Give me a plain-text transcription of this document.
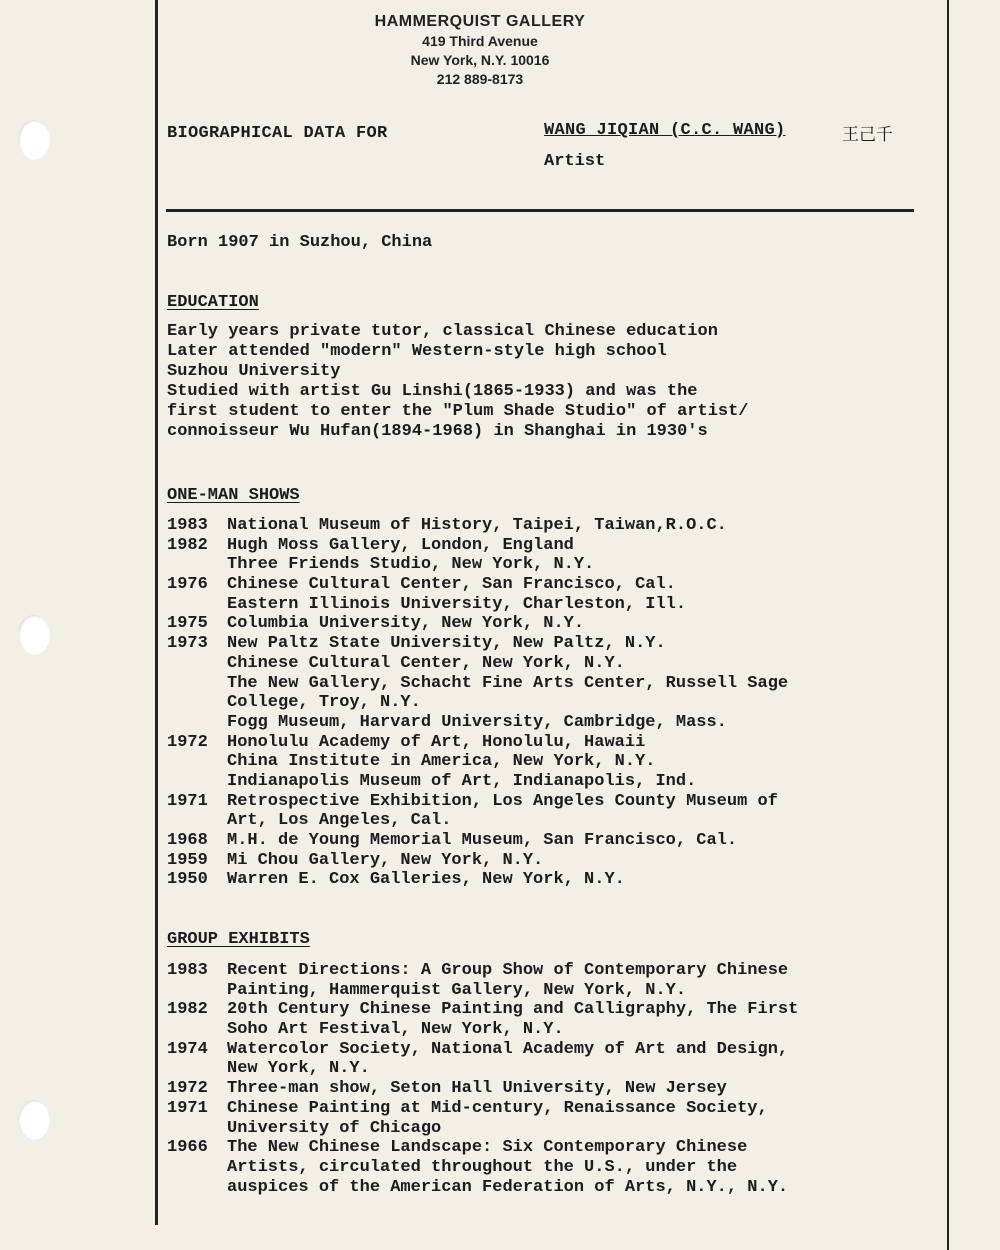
HAMMERQUIST GALLERY
419 Third Avenue
New York, N.Y. 10016
212 889-8173
BIOGRAPHICAL DATA FOR	WANG JIQIAN (C.C. WANG)	王己千
Artist
Born 1907 in Suzhou, China
EDUCATION
Early years private tutor, classical Chinese education
Later attended "modern" Western-style high school
Suzhou University
Studied with artist Gu Linshi(1865-1933) and was the
first student to enter the "Plum Shade Studio" of artist/
connoisseur Wu Hufan(1894-1968) in Shanghai in 1930's
ONE-MAN SHOWS
1983	National Museum of History, Taipei, Taiwan,R.O.C.
1982	Hugh Moss Gallery, London, England
Three Friends Studio, New York, N.Y.
1976	Chinese Cultural Center, San Francisco, Cal.
Eastern Illinois University, Charleston, Ill.
1975	Columbia University, New York, N.Y.
1973	New Paltz State University, New Paltz, N.Y.
Chinese Cultural Center, New York, N.Y.
The New Gallery, Schacht Fine Arts Center, Russell Sage
College, Troy, N.Y.
Fogg Museum, Harvard University, Cambridge, Mass.
1972	Honolulu Academy of Art, Honolulu, Hawaii
China Institute in America, New York, N.Y.
Indianapolis Museum of Art, Indianapolis, Ind.
1971	Retrospective Exhibition, Los Angeles County Museum of
Art, Los Angeles, Cal.
1968	M.H. de Young Memorial Museum, San Francisco, Cal.
1959	Mi Chou Gallery, New York, N.Y.
1950	Warren E. Cox Galleries, New York, N.Y.
GROUP EXHIBITS
1983	Recent Directions: A Group Show of Contemporary Chinese
Painting, Hammerquist Gallery, New York, N.Y.
1982	20th Century Chinese Painting and Calligraphy, The First
Soho Art Festival, New York, N.Y.
1974	Watercolor Society, National Academy of Art and Design,
New York, N.Y.
1972	Three-man show, Seton Hall University, New Jersey
1971	Chinese Painting at Mid-century, Renaissance Society,
University of Chicago
1966	The New Chinese Landscape: Six Contemporary Chinese
Artists, circulated throughout the U.S., under the
auspices of the American Federation of Arts, N.Y., N.Y.
